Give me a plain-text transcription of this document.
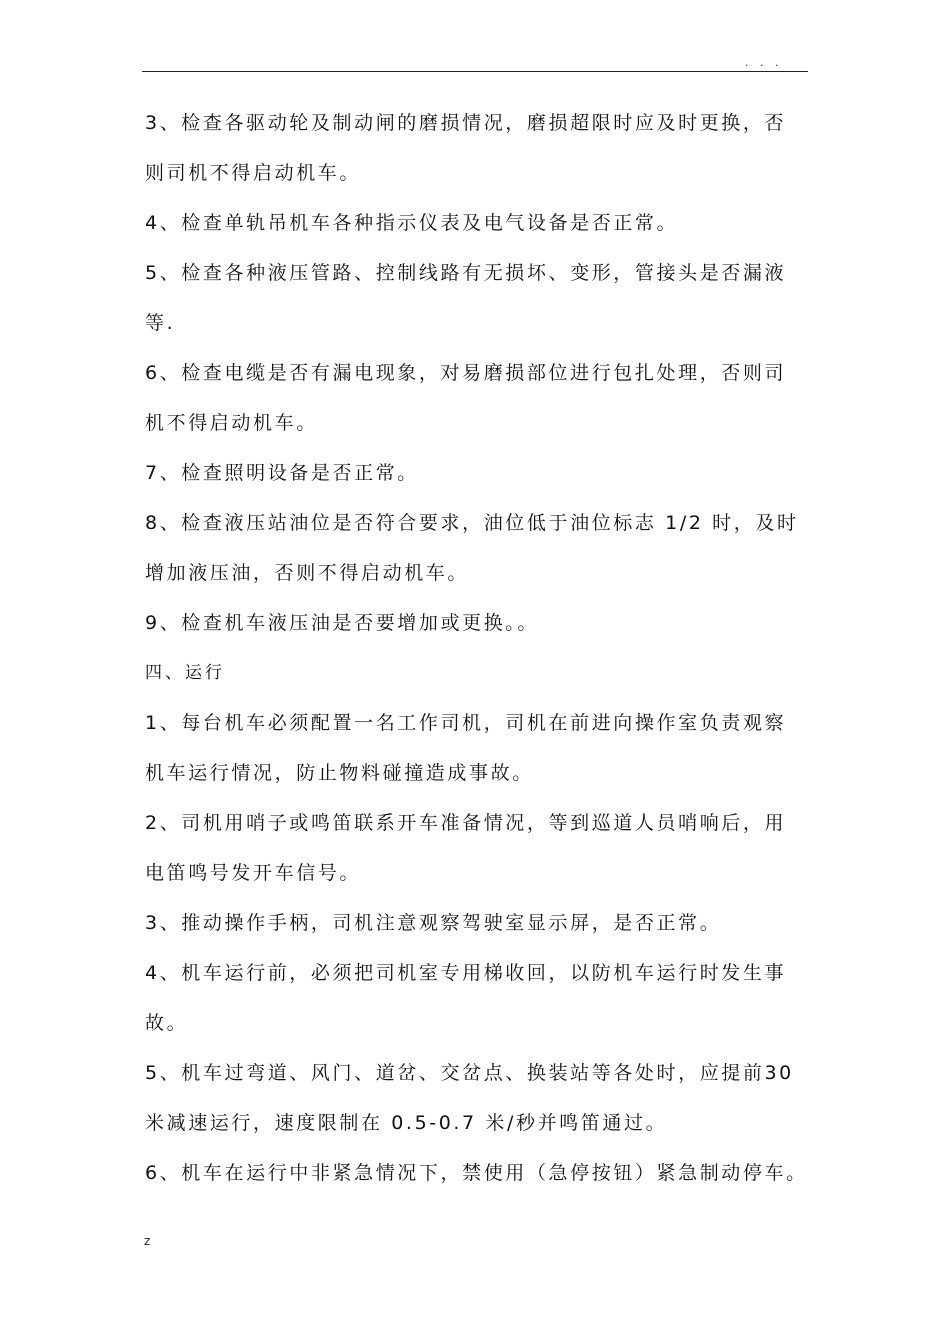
. . .
3、检查各驱动轮及制动闸的磨损情况，磨损超限时应及时更换，否
则司机不得启动机车。
4、检查单轨吊机车各种指示仪表及电气设备是否正常。
5、检查各种液压管路、控制线路有无损坏、变形，管接头是否漏液
等.
6、检查电缆是否有漏电现象，对易磨损部位进行包扎处理，否则司
机不得启动机车。
7、检查照明设备是否正常。
8、检查液压站油位是否符合要求，油位低于油位标志 1/2 时，及时
增加液压油，否则不得启动机车。
9、检查机车液压油是否要增加或更换。。
四、运行
1、每台机车必须配置一名工作司机，司机在前进向操作室负责观察
机车运行情况，防止物料碰撞造成事故。
2、司机用哨子或鸣笛联系开车准备情况，等到巡道人员哨响后，用
电笛鸣号发开车信号。
3、推动操作手柄，司机注意观察驾驶室显示屏，是否正常。
4、机车运行前，必须把司机室专用梯收回，以防机车运行时发生事
故。
5、机车过弯道、风门、道岔、交岔点、换装站等各处时，应提前30
米减速运行，速度限制在 0.5-0.7 米/秒并鸣笛通过。
6、机车在运行中非紧急情况下，禁使用（急停按钮）紧急制动停车。
z
